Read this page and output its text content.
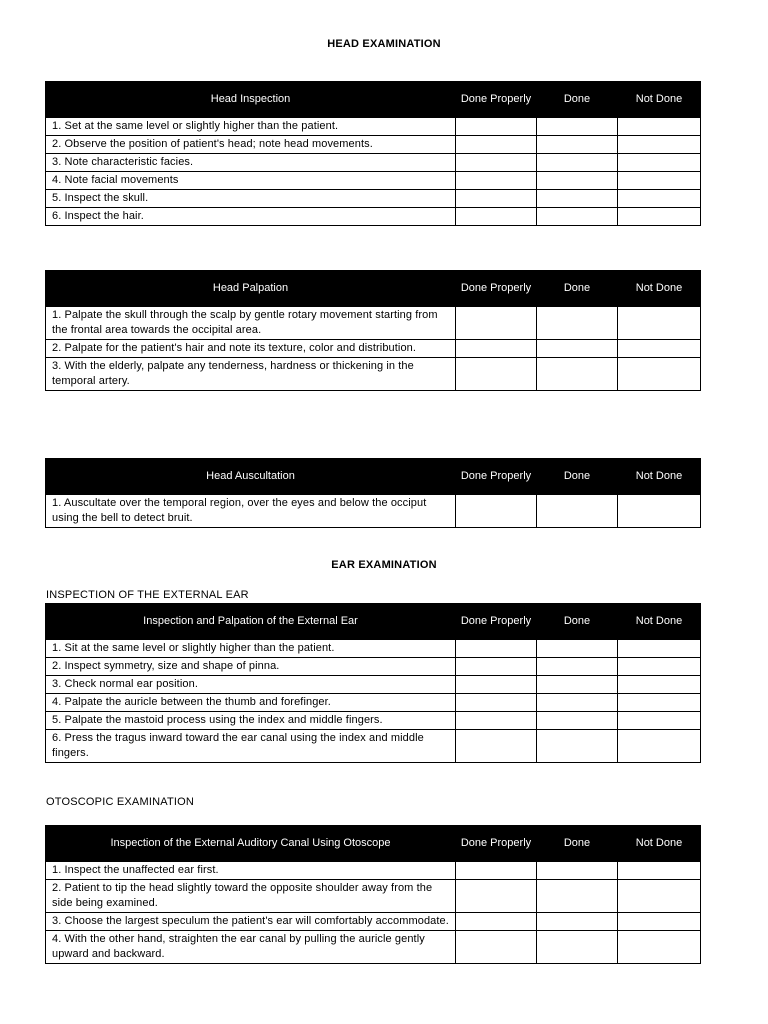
HEAD EXAMINATION
Head Inspection	Done Properly	Done	Not Done
1. Set at the same level or slightly higher than the patient.			
2. Observe the position of patient's head; note head movements.			
3. Note characteristic facies.			
4. Note facial movements			
5. Inspect the skull.			
6. Inspect the hair.			
Head Palpation	Done Properly	Done	Not Done
1. Palpate the skull through the scalp by gentle rotary movement starting from the frontal area towards the occipital area.			
2. Palpate for the patient's hair and note its texture, color and distribution.			
3. With the elderly, palpate any tenderness, hardness or thickening in the temporal artery.			
Head Auscultation	Done Properly	Done	Not Done
1. Auscultate over the temporal region, over the eyes and below the occiput using the bell to detect bruit.			
EAR EXAMINATION
INSPECTION OF THE EXTERNAL EAR
Inspection and Palpation of the External Ear	Done Properly	Done	Not Done
1. Sit at the same level or slightly higher than the patient.			
2. Inspect symmetry, size and shape of pinna.			
3. Check normal ear position.			
4. Palpate the auricle between the thumb and forefinger.			
5. Palpate the mastoid process using the index and middle fingers.			
6. Press the tragus inward toward the ear canal using the index and middle fingers.			
OTOSCOPIC EXAMINATION
Inspection of the External Auditory Canal Using Otoscope	Done Properly	Done	Not Done
1. Inspect the unaffected ear first.			
2. Patient to tip the head slightly toward the opposite shoulder away from the side being examined.			
3. Choose the largest speculum the patient's ear will comfortably accommodate.			
4. With the other hand, straighten the ear canal by pulling the auricle gently upward and backward.			
